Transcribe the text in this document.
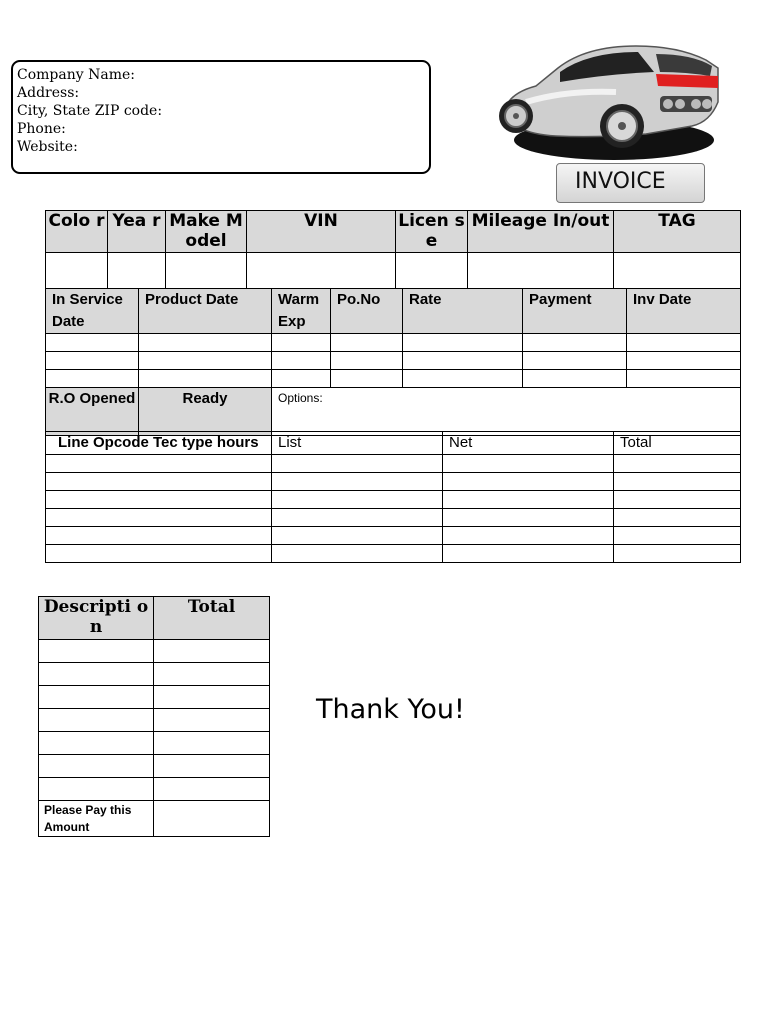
Company Name:
Address:
City, State ZIP code:
Phone:
Website:
INVOICE
Colo r	Yea r	Make Model	VIN	Licen se	Mileage In/out	TAG

In Service Date	Product Date	Warm Exp	Po.No	Rate	Payment	Inv Date

R.O Opened	Ready	Options:
Line Opcode Tec type hours	List	Net	Total

Descripti on	Total

Please Pay this Amount	
Thank You!
